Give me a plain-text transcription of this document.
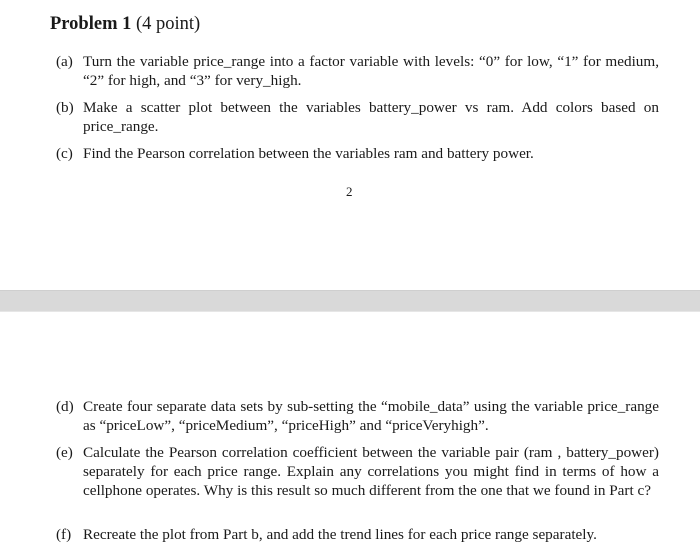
Problem 1 (4 point)
(a) Turn the variable price_range into a factor variable with levels: “0” for low, “1” for medium, “2” for high, and “3” for very_high.
(b) Make a scatter plot between the variables battery_power vs ram. Add colors based on price_range.
(c) Find the Pearson correlation between the variables ram and battery power.
2
(d) Create four separate data sets by sub-setting the “mobile_data” using the variable price_range as “priceLow”, “priceMedium”, “priceHigh” and “priceVeryhigh”.
(e) Calculate the Pearson correlation coefficient between the variable pair (ram , battery_power) separately for each price range. Explain any correlations you might find in terms of how a cellphone operates. Why is this result so much different from the one that we found in Part c?
(f) Recreate the plot from Part b, and add the trend lines for each price range separately.
